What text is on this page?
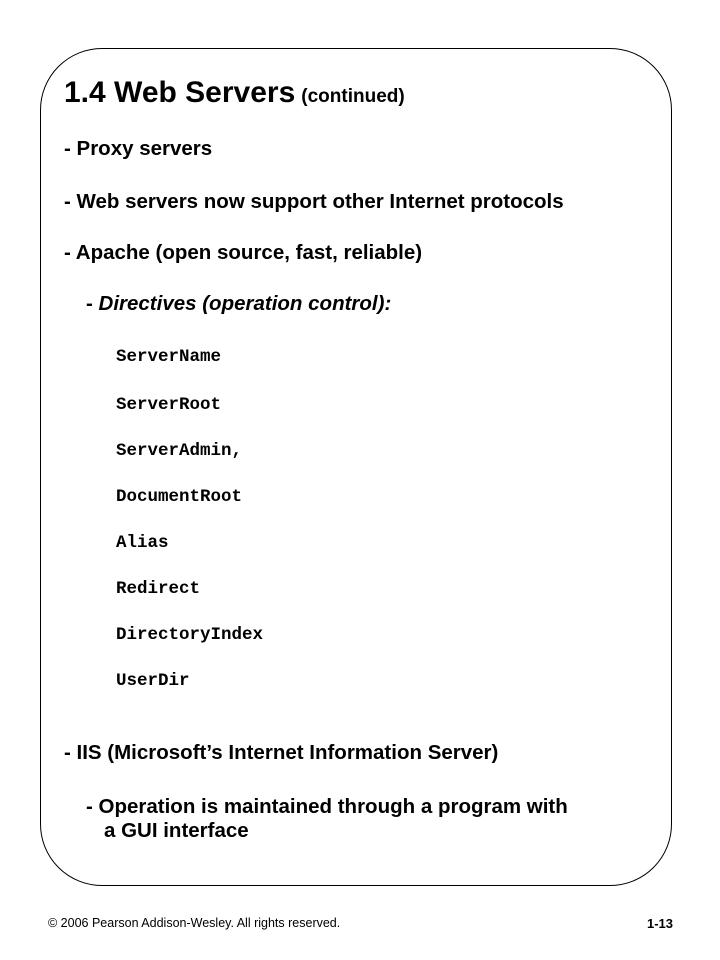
1.4 Web Servers (continued)
- Proxy servers
- Web servers now support other Internet protocols
- Apache (open source, fast, reliable)
- Directives (operation control):
ServerName
ServerRoot
ServerAdmin,
DocumentRoot
Alias
Redirect
DirectoryIndex
UserDir
- IIS (Microsoft’s Internet Information Server)
- Operation is maintained through a program with
a GUI interface
© 2006 Pearson Addison-Wesley. All rights reserved.	1-13
